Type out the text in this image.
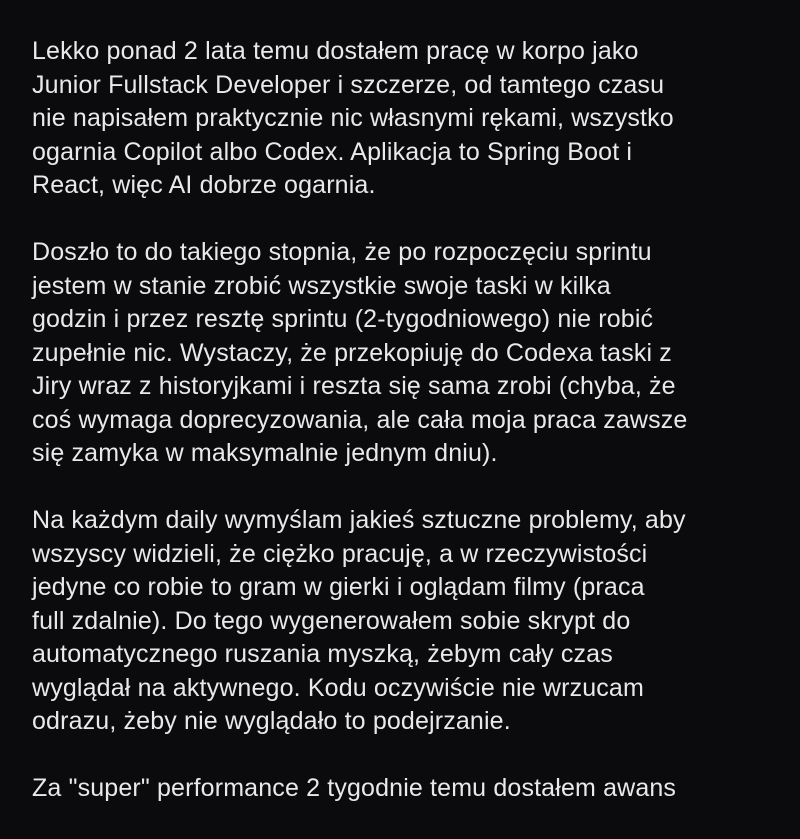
Lekko ponad 2 lata temu dostałem pracę w korpo jako
Junior Fullstack Developer i szczerze, od tamtego czasu
nie napisałem praktycznie nic własnymi rękami, wszystko
ogarnia Copilot albo Codex. Aplikacja to Spring Boot i
React, więc AI dobrze ogarnia.

Doszło to do takiego stopnia, że po rozpoczęciu sprintu
jestem w stanie zrobić wszystkie swoje taski w kilka
godzin i przez resztę sprintu (2-tygodniowego) nie robić
zupełnie nic. Wystaczy, że przekopiuję do Codexa taski z
Jiry wraz z historyjkami i reszta się sama zrobi (chyba, że
coś wymaga doprecyzowania, ale cała moja praca zawsze
się zamyka w maksymalnie jednym dniu).

Na każdym daily wymyślam jakieś sztuczne problemy, aby
wszyscy widzieli, że ciężko pracuję, a w rzeczywistości
jedyne co robie to gram w gierki i oglądam filmy (praca
full zdalnie). Do tego wygenerowałem sobie skrypt do
automatycznego ruszania myszką, żebym cały czas
wyglądał na aktywnego. Kodu oczywiście nie wrzucam
odrazu, żeby nie wyglądało to podejrzanie.

Za "super" performance 2 tygodnie temu dostałem awans
